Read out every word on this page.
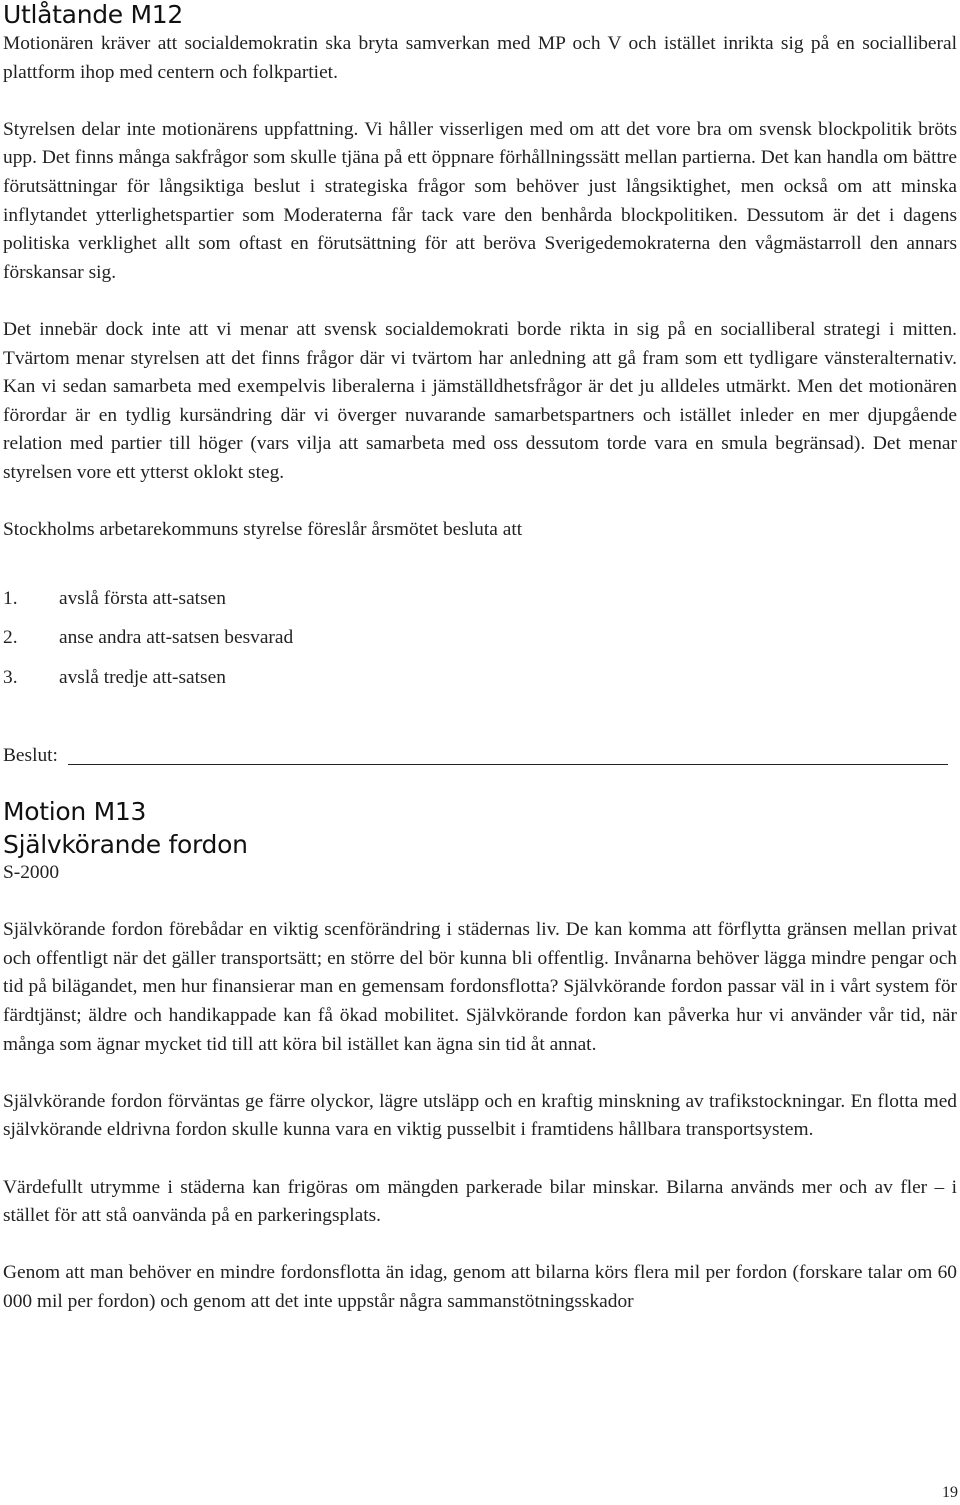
Utlåtande M12

Motionären kräver att socialdemokratin ska bryta samverkan med MP och V och istället inrikta sig på en socialliberal plattform ihop med centern och folkpartiet.

Styrelsen delar inte motionärens uppfattning. Vi håller visserligen med om att det vore bra om svensk blockpolitik bröts upp. Det finns många sakfrågor som skulle tjäna på ett öppnare förhållningssätt mellan partierna. Det kan handla om bättre förutsättningar för långsiktiga beslut i strategiska frågor som behöver just långsiktighet, men också om att minska inflytandet ytterlighetspartier som Moderaterna får tack vare den benhårda blockpolitiken. Dessutom är det i dagens politiska verklighet allt som oftast en förutsättning för att beröva Sverigedemokraterna den vågmästarroll den annars förskansar sig.

Det innebär dock inte att vi menar att svensk socialdemokrati borde rikta in sig på en socialliberal strategi i mitten. Tvärtom menar styrelsen att det finns frågor där vi tvärtom har anledning att gå fram som ett tydligare vänsteralternativ. Kan vi sedan samarbeta med exempelvis liberalerna i jämställdhetsfrågor är det ju alldeles utmärkt. Men det motionären förordar är en tydlig kursändring där vi överger nuvarande samarbetspartners och istället inleder en mer djupgående relation med partier till höger (vars vilja att samarbeta med oss dessutom torde vara en smula begränsad). Det menar styrelsen vore ett ytterst oklokt steg.

Stockholms arbetarekommuns styrelse föreslår årsmötet besluta att

1.	avslå första att-satsen
2.	anse andra att-satsen besvarad
3.	avslå tredje att-satsen
Beslut:
Motion M13
Självkörande fordon

S-2000

Självkörande fordon förebådar en viktig scenförändring i städernas liv. De kan komma att förflytta gränsen mellan privat och offentligt när det gäller transportsätt; en större del bör kunna bli offentlig. Invånarna behöver lägga mindre pengar och tid på bilägandet, men hur finansierar man en gemensam fordonsflotta? Självkörande fordon passar väl in i vårt system för färdtjänst; äldre och handikappade kan få ökad mobilitet. Självkörande fordon kan påverka hur vi använder vår tid, när många som ägnar mycket tid till att köra bil istället kan ägna sin tid åt annat.

Självkörande fordon förväntas ge färre olyckor, lägre utsläpp och en kraftig minskning av trafikstockningar. En flotta med självkörande eldrivna fordon skulle kunna vara en viktig pusselbit i framtidens hållbara transportsystem.

Värdefullt utrymme i städerna kan frigöras om mängden parkerade bilar minskar. Bilarna används mer och av fler – i stället för att stå oanvända på en parkeringsplats.

Genom att man behöver en mindre fordonsflotta än idag, genom att bilarna körs flera mil per fordon (forskare talar om 60 000 mil per fordon) och genom att det inte uppstår några sammanstötningsskador

19
